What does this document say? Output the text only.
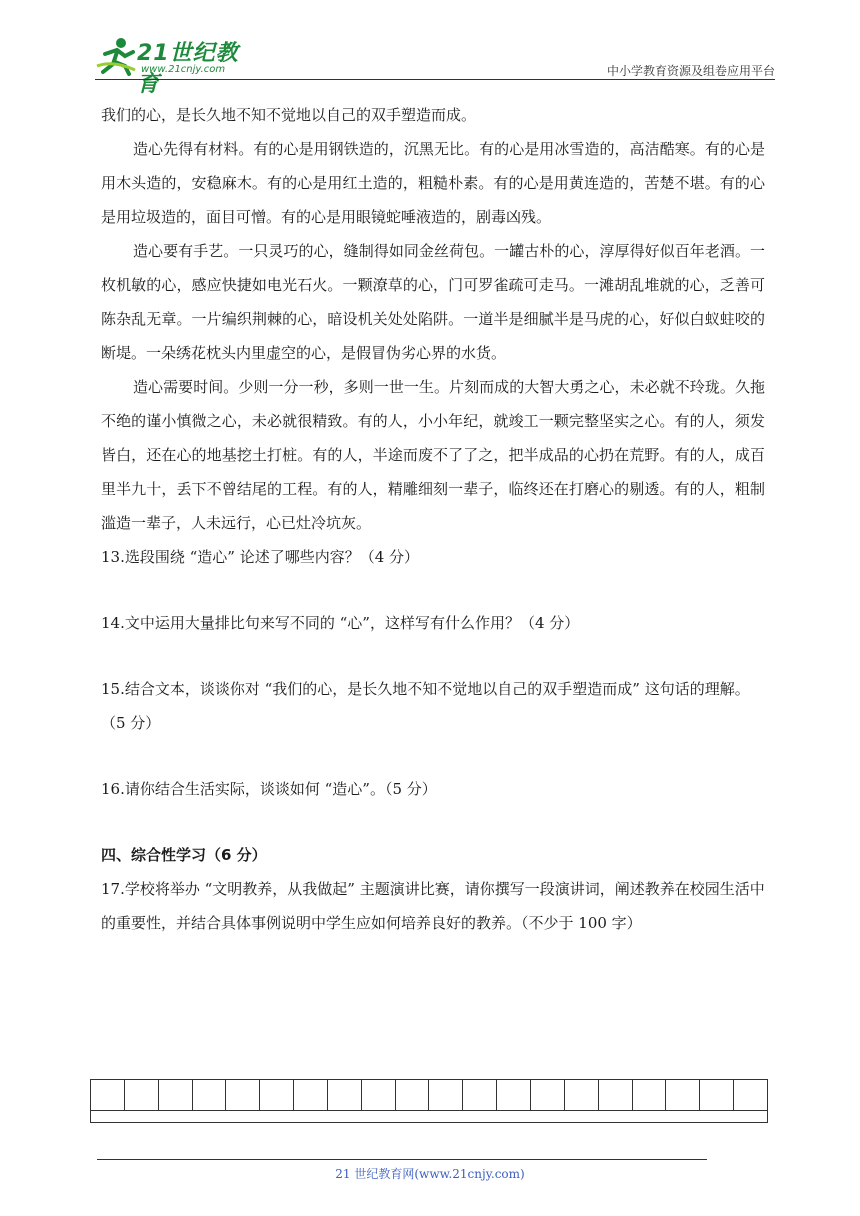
21世纪教育
www.21cnjy.com	中小学教育资源及组卷应用平台

我们的心，是长久地不知不觉地以自己的双手塑造而成。

造心先得有材料。有的心是用钢铁造的，沉黑无比。有的心是用冰雪造的，高洁酷寒。有的心是用木头造的，安稳麻木。有的心是用红土造的，粗糙朴素。有的心是用黄连造的，苦楚不堪。有的心是用垃圾造的，面目可憎。有的心是用眼镜蛇唾液造的，剧毒凶残。

造心要有手艺。一只灵巧的心，缝制得如同金丝荷包。一罐古朴的心，淳厚得好似百年老酒。一枚机敏的心，感应快捷如电光石火。一颗潦草的心，门可罗雀疏可走马。一滩胡乱堆就的心，乏善可陈杂乱无章。一片编织荆棘的心，暗设机关处处陷阱。一道半是细腻半是马虎的心，好似白蚁蛀咬的断堤。一朵绣花枕头内里虚空的心，是假冒伪劣心界的水货。

造心需要时间。少则一分一秒，多则一世一生。片刻而成的大智大勇之心，未必就不玲珑。久拖不绝的谨小慎微之心，未必就很精致。有的人，小小年纪，就竣工一颗完整坚实之心。有的人，须发皆白，还在心的地基挖土打桩。有的人，半途而废不了了之，把半成品的心扔在荒野。有的人，成百里半九十，丢下不曾结尾的工程。有的人，精雕细刻一辈子，临终还在打磨心的剔透。有的人，粗制滥造一辈子，人未远行，心已灶冷坑灰。

13.选段围绕 “造心” 论述了哪些内容？（4 分）

14.文中运用大量排比句来写不同的 “心”，这样写有什么作用？（4 分）

15.结合文本，谈谈你对 “我们的心，是长久地不知不觉地以自己的双手塑造而成” 这句话的理解。（5 分）

16.请你结合生活实际，谈谈如何 “造心”。（5 分）

四、综合性学习（6 分）

17.学校将举办 “文明教养，从我做起” 主题演讲比赛，请你撰写一段演讲词，阐述教养在校园生活中的重要性，并结合具体事例说明中学生应如何培养良好的教养。（不少于 100 字）

21 世纪教育网(www.21cnjy.com)
